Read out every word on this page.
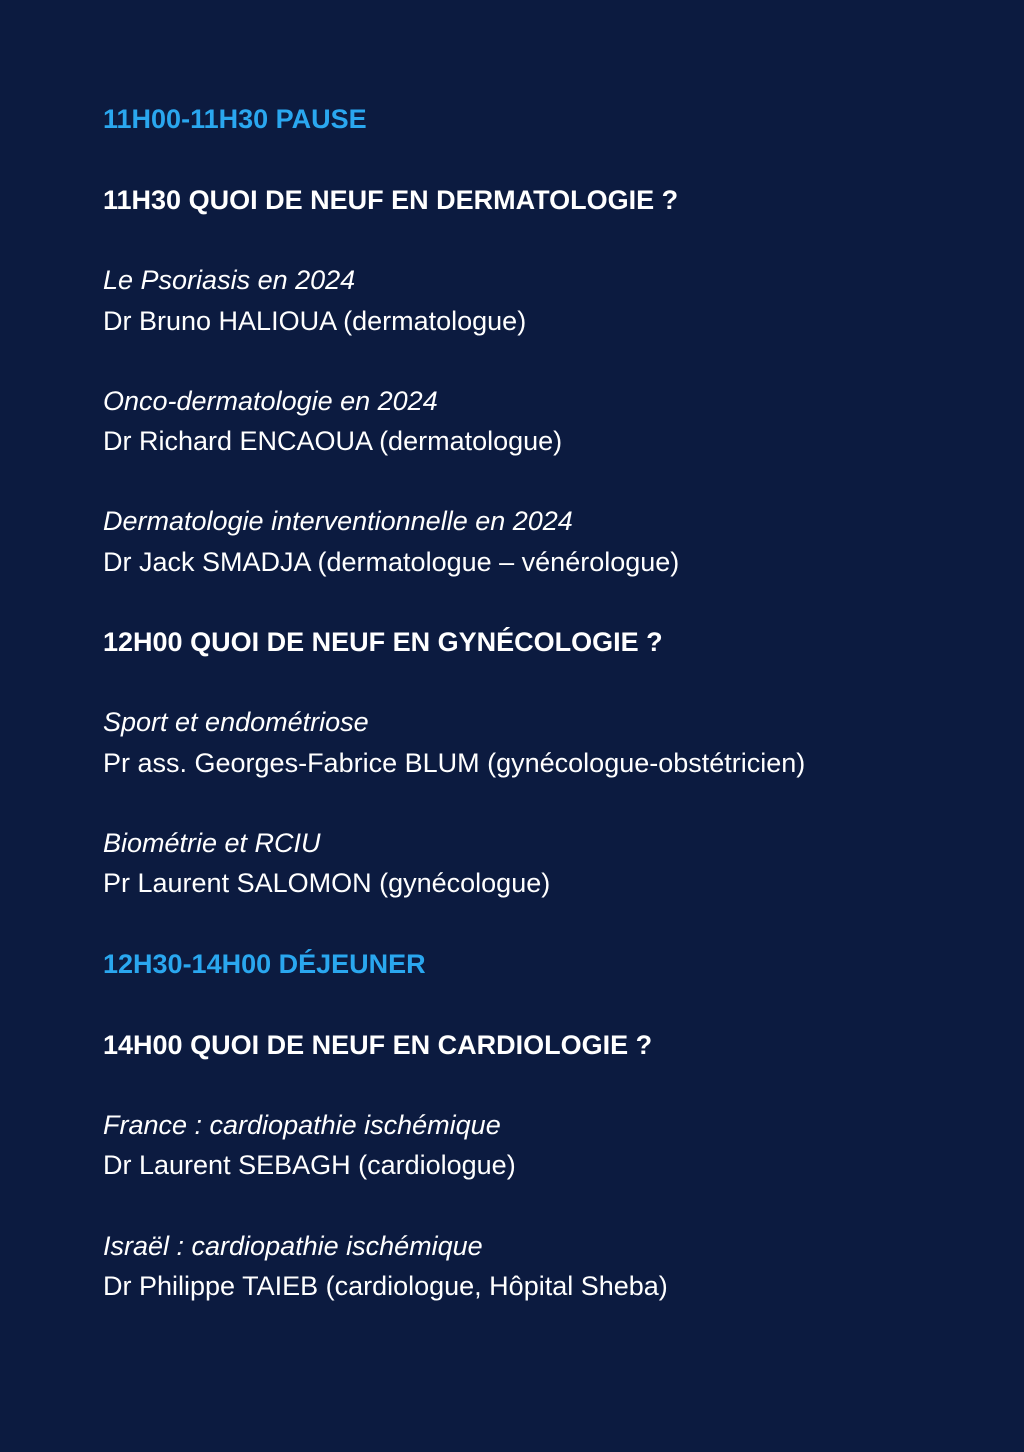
11H00-11H30 PAUSE
11H30 QUOI DE NEUF EN DERMATOLOGIE ?
Le Psoriasis en 2024
Dr Bruno HALIOUA (dermatologue)
Onco-dermatologie en 2024
Dr Richard ENCAOUA (dermatologue)
Dermatologie interventionnelle en 2024
Dr Jack SMADJA (dermatologue – vénérologue)
12H00 QUOI DE NEUF EN GYNÉCOLOGIE ?
Sport et endométriose
Pr ass. Georges-Fabrice BLUM (gynécologue-obstétricien)
Biométrie et RCIU
Pr Laurent SALOMON (gynécologue)
12H30-14H00 DÉJEUNER
14H00 QUOI DE NEUF EN CARDIOLOGIE ?
France : cardiopathie ischémique
Dr Laurent SEBAGH (cardiologue)
Israël : cardiopathie ischémique
Dr Philippe TAIEB (cardiologue, Hôpital Sheba)
